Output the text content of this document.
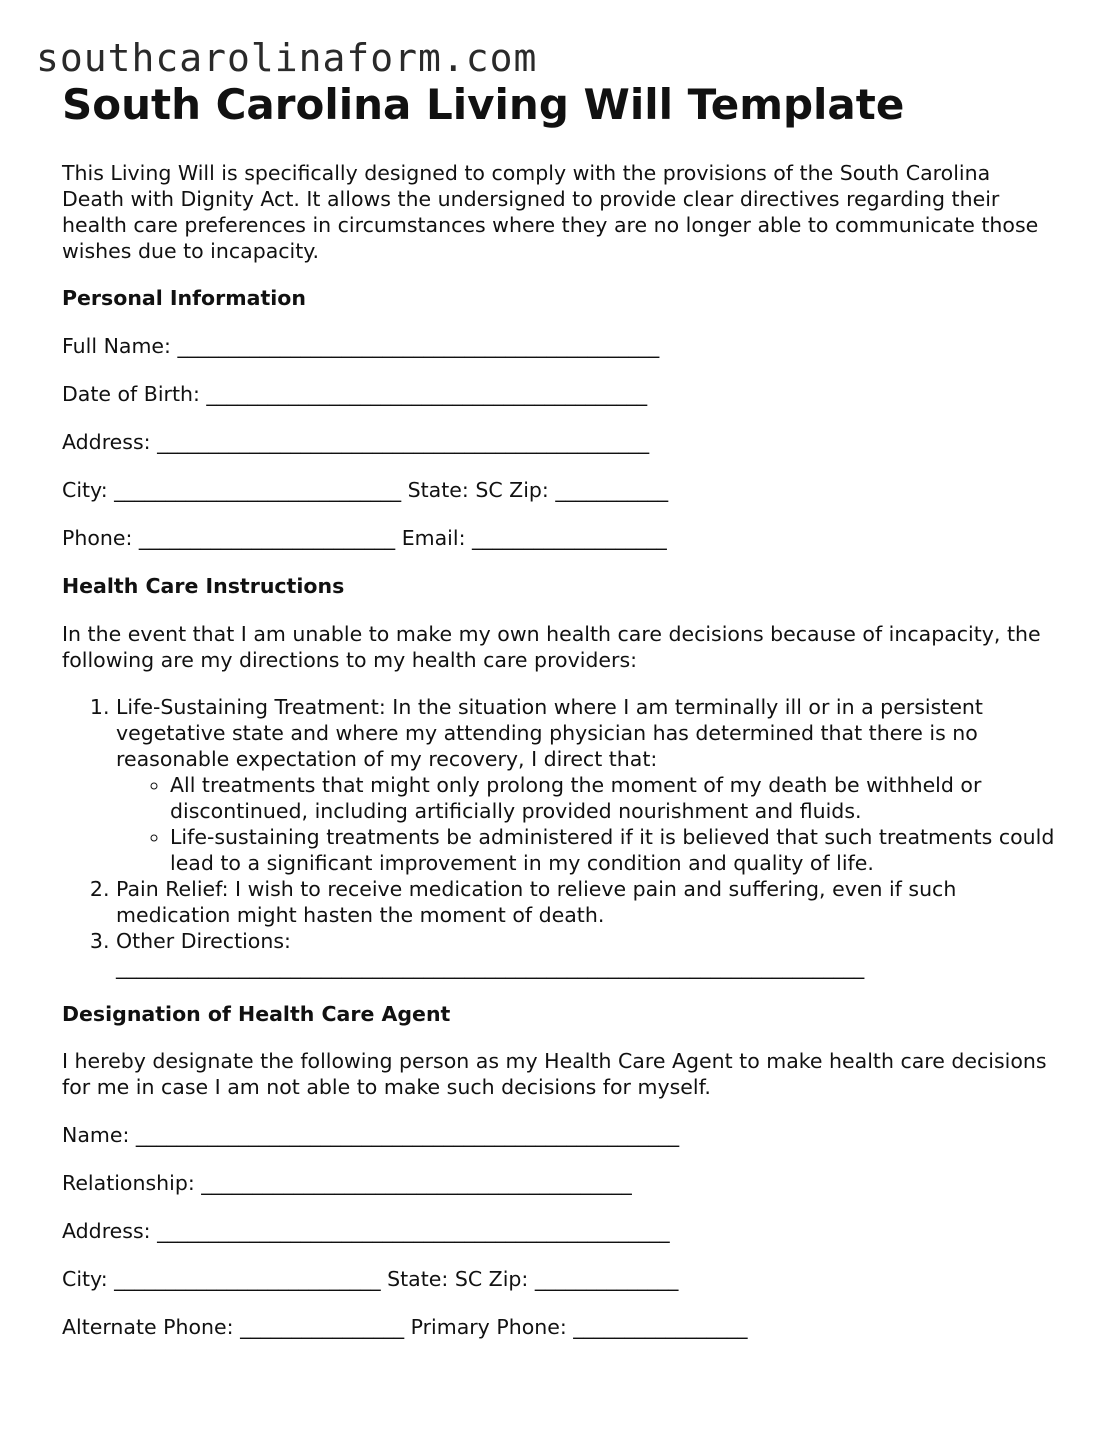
southcarolinaform.com
South Carolina Living Will Template

This Living Will is specifically designed to comply with the provisions of the South Carolina Death with Dignity Act. It allows the undersigned to provide clear directives regarding their health care preferences in circumstances where they are no longer able to communicate those wishes due to incapacity.

Personal Information
Full Name: _______________________________________________
Date of Birth: ___________________________________________
Address: ________________________________________________
City: ____________________________ State: SC Zip: ___________
Phone: _________________________ Email: ___________________
Health Care Instructions

In the event that I am unable to make my own health care decisions because of incapacity, the following are my directions to my health care providers:

1. Life-Sustaining Treatment: In the situation where I am terminally ill or in a persistent vegetative state and where my attending physician has determined that there is no reasonable expectation of my recovery, I direct that:
◦ All treatments that might only prolong the moment of my death be withheld or discontinued, including artificially provided nourishment and fluids.
◦ Life-sustaining treatments be administered if it is believed that such treatments could lead to a significant improvement in my condition and quality of life.
2. Pain Relief: I wish to receive medication to relieve pain and suffering, even if such medication might hasten the moment of death.
3. Other Directions:
_________________________________________________________________________
Designation of Health Care Agent

I hereby designate the following person as my Health Care Agent to make health care decisions for me in case I am not able to make such decisions for myself.

Name: _____________________________________________________
Relationship: __________________________________________
Address: __________________________________________________
City: __________________________ State: SC Zip: ______________
Alternate Phone: ________________ Primary Phone: _________________
